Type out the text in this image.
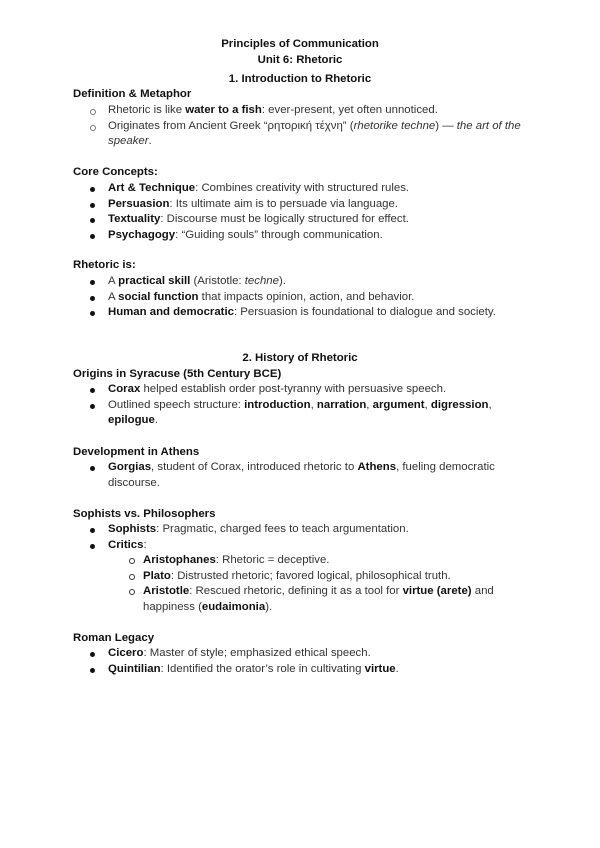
Principles of Communication
Unit 6: Rhetoric
1. Introduction to Rhetoric
Definition & Metaphor
Rhetoric is like water to a fish: ever-present, yet often unnoticed.
Originates from Ancient Greek “ρητορική τέχνη” (rhetorike techne) — the art of the speaker.
Core Concepts:
Art & Technique: Combines creativity with structured rules.
Persuasion: Its ultimate aim is to persuade via language.
Textuality: Discourse must be logically structured for effect.
Psychagogy: “Guiding souls” through communication.
Rhetoric is:
A practical skill (Aristotle: techne).
A social function that impacts opinion, action, and behavior.
Human and democratic: Persuasion is foundational to dialogue and society.
2. History of Rhetoric
Origins in Syracuse (5th Century BCE)
Corax helped establish order post-tyranny with persuasive speech.
Outlined speech structure: introduction, narration, argument, digression, epilogue.
Development in Athens
Gorgias, student of Corax, introduced rhetoric to Athens, fueling democratic discourse.
Sophists vs. Philosophers
Sophists: Pragmatic, charged fees to teach argumentation.
Critics:
Aristophanes: Rhetoric = deceptive.
Plato: Distrusted rhetoric; favored logical, philosophical truth.
Aristotle: Rescued rhetoric, defining it as a tool for virtue (arete) and happiness (eudaimonia).
Roman Legacy
Cicero: Master of style; emphasized ethical speech.
Quintilian: Identified the orator’s role in cultivating virtue.
